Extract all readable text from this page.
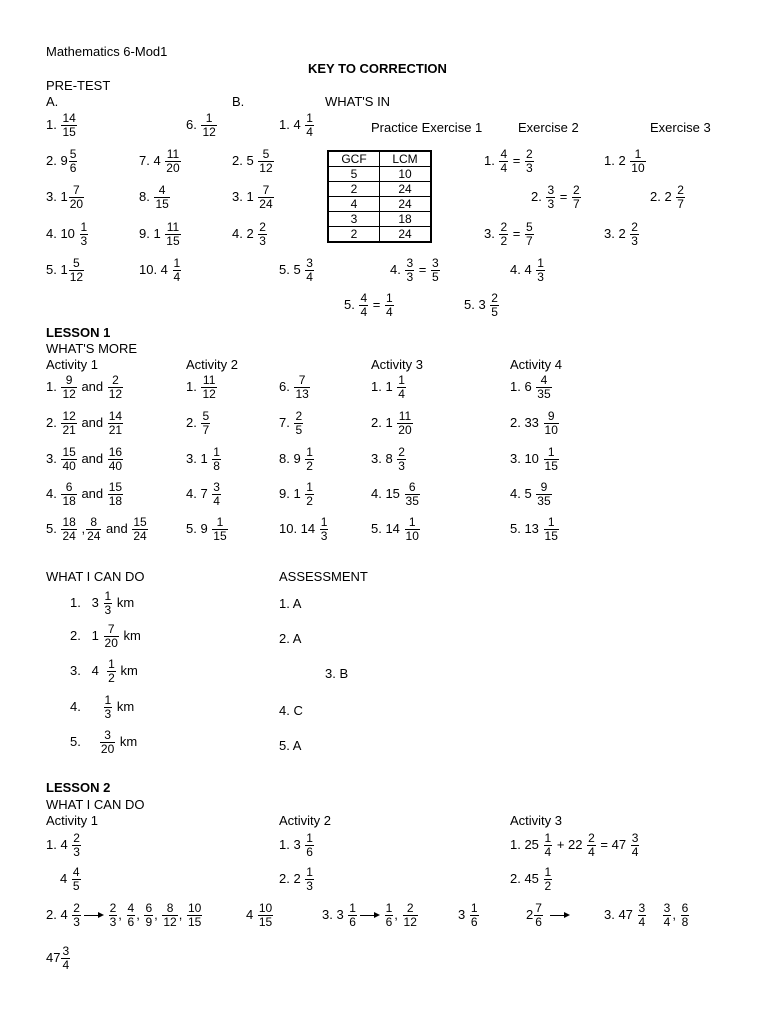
Mathematics 6-Mod1
KEY TO CORRECTION
PRE-TEST
A.	B.	WHAT'S IN
Practice Exercise 1	Exercise 2	Exercise 3
1. $\frac{14}{15}$
2. $9 \frac{5}{6}$
3. $1 \frac{7}{20}$
4. $10 \frac{1}{3}$
5. $1 \frac{5}{12}$
6. $\frac{1}{12}$
7. $4 \frac{11}{20}$
8. $\frac{4}{15}$
9. $1 \frac{11}{15}$
10. $4 \frac{1}{4}$
1. $4 \frac{1}{4}$
2. $5 \frac{5}{12}$
3. $1 \frac{7}{24}$
4. $2 \frac{2}{3}$
5. $5 \frac{3}{4}$
GCF	LCM
5	10
2	24
4	24
3	18
2	24
1. $\frac{4}{4} = \frac{2}{3}$
2. $\frac{3}{3} = \frac{2}{7}$
3. $\frac{2}{2} = \frac{5}{7}$
4. $\frac{3}{3} = \frac{3}{5}$
5. $\frac{4}{4} = \frac{1}{4}$
1. $2 \frac{1}{10}$
2. $2 \frac{2}{7}$
3. $2 \frac{2}{3}$
4. $4 \frac{1}{3}$
5. $3 \frac{2}{5}$
LESSON 1
WHAT'S MORE
Activity 1	Activity 2	Activity 3	Activity 4
1. $\frac{9}{12}$ and $\frac{2}{12}$
2. $\frac{12}{21}$ and $\frac{14}{21}$
3. $\frac{15}{40}$ and $\frac{16}{40}$
4. $\frac{6}{18}$ and $\frac{15}{18}$
5. $\frac{18}{24}$ , $\frac{8}{24}$ and $\frac{15}{24}$
1. $\frac{11}{12}$
2. $\frac{5}{7}$
3. $1 \frac{1}{8}$
4. $7 \frac{3}{4}$
5. $9 \frac{1}{15}$
6. $\frac{7}{13}$
7. $\frac{2}{5}$
8. $9 \frac{1}{2}$
9. $1 \frac{1}{2}$
10. $14 \frac{1}{3}$
1. $1 \frac{1}{4}$
2. $1 \frac{11}{20}$
3. $8 \frac{2}{3}$
4. $15 \frac{6}{35}$
5. $14 \frac{1}{10}$
1. $6 \frac{4}{35}$
2. $33 \frac{9}{10}$
3. $10 \frac{1}{15}$
4. $5 \frac{9}{35}$
5. $13 \frac{1}{15}$
WHAT I CAN DO	ASSESSMENT
1.   $3 \frac{1}{3}$ km
2.   $1 \frac{7}{20}$ km
3.   $4 \frac{1}{2}$ km
4. $\frac{1}{3}$ km
5. $\frac{3}{20}$ km
1. A
2. A
3. B
4. C
5. A
LESSON 2
WHAT I CAN DO
Activity 1	Activity 2	Activity 3
1. $4 \frac{2}{3}$
$4 \frac{4}{5}$
1. $3 \frac{1}{6}$
2. $2 \frac{1}{3}$
1. $25 \frac{1}{4} + 22 \frac{2}{4} = 47 \frac{3}{4}$
2. $45 \frac{1}{2}$
2. $4 \frac{2}{3}$
$\frac{2}{3}$ , $\frac{4}{6}$ , $\frac{6}{9}$ , $\frac{8}{12}$ , $\frac{10}{15}$	$4 \frac{10}{15}$	3. $3 \frac{1}{6}$
$\frac{1}{6}$ , $\frac{2}{12}$	$3 \frac{1}{6}$	$2 \frac{7}{6}$
	3. $47 \frac{3}{4}$
$\frac{3}{4}$ , $\frac{6}{8}$
$47 \frac{3}{4}$
